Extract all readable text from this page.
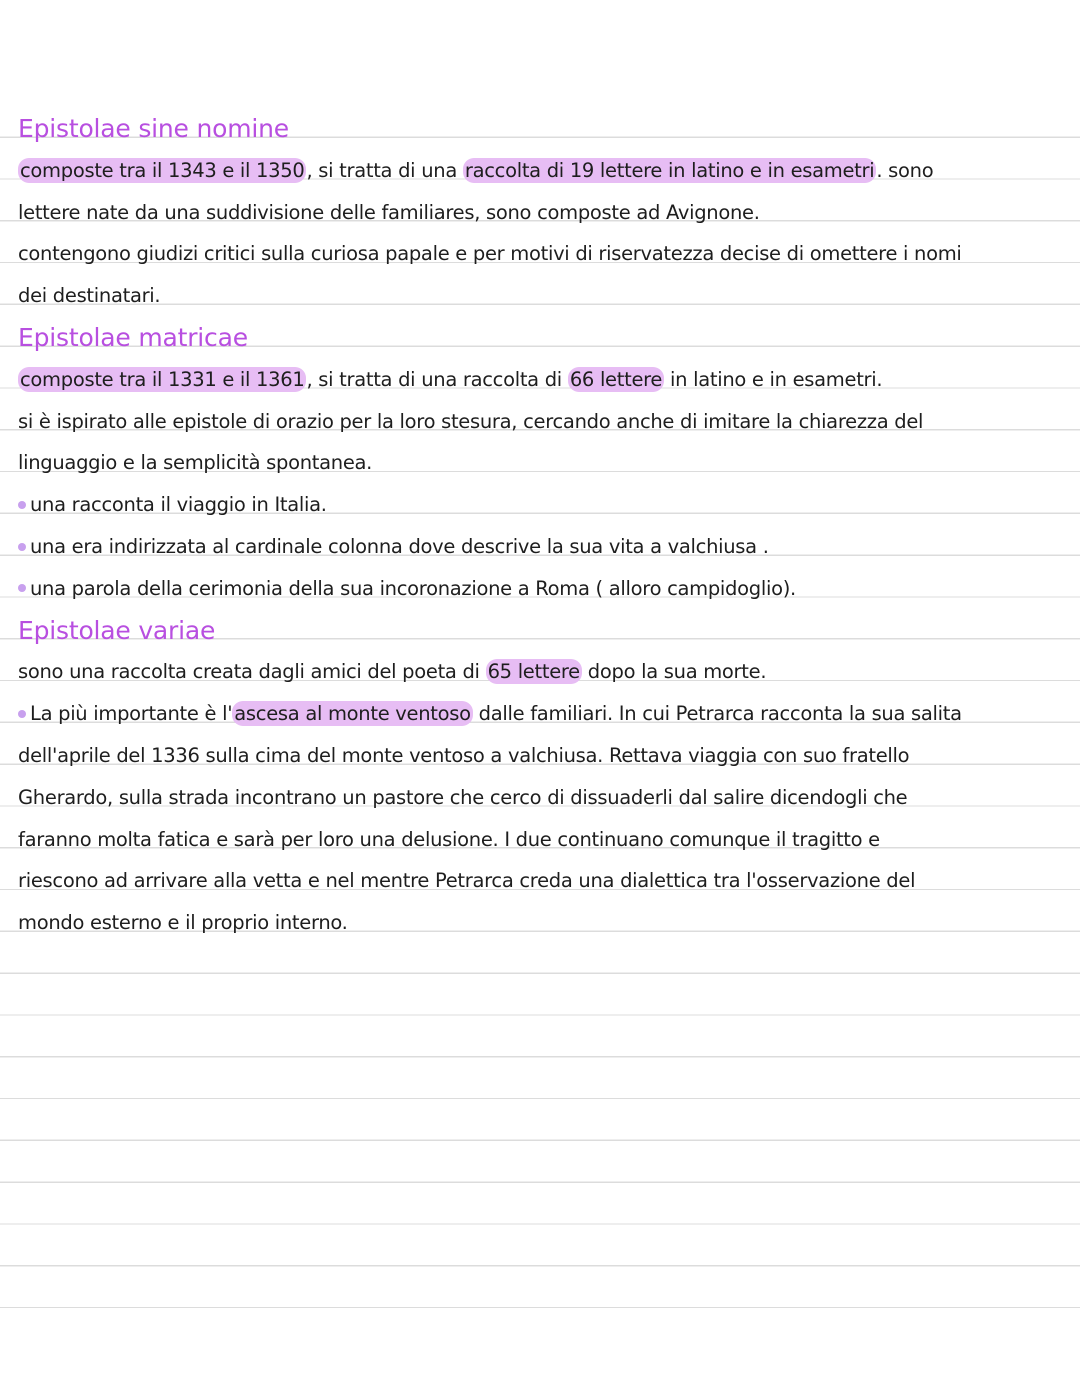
Epistolae sine nomine
composte tra il 1343 e il 1350 , si tratta di una raccolta di 19 lettere in latino e in esametri . sono
lettere nate da una suddivisione delle familiares, sono composte ad Avignone.
contengono giudizi critici sulla curiosa papale e per motivi di riservatezza decise di omettere i nomi
dei destinatari.
Epistolae matricae
composte tra il 1331 e il 1361 , si tratta di una raccolta di 66 lettere in latino e in esametri.
si è ispirato alle epistole di orazio per la loro stesura, cercando anche di imitare la chiarezza del
linguaggio e la semplicità spontanea.
una racconta il viaggio in Italia.
una era indirizzata al cardinale colonna dove descrive la sua vita a valchiusa .
una parola della cerimonia della sua incoronazione a Roma ( alloro campidoglio).
Epistolae variae
sono una raccolta creata dagli amici del poeta di 65 lettere dopo la sua morte.
La più importante è l' ascesa al monte ventoso dalle familiari. In cui Petrarca racconta la sua salita
dell'aprile del 1336 sulla cima del monte ventoso a valchiusa. Rettava viaggia con suo fratello
Gherardo, sulla strada incontrano un pastore che cerco di dissuaderli dal salire dicendogli che
faranno molta fatica e sarà per loro una delusione. I due continuano comunque il tragitto e
riescono ad arrivare alla vetta e nel mentre Petrarca creda una dialettica tra l'osservazione del
mondo esterno e il proprio interno.
